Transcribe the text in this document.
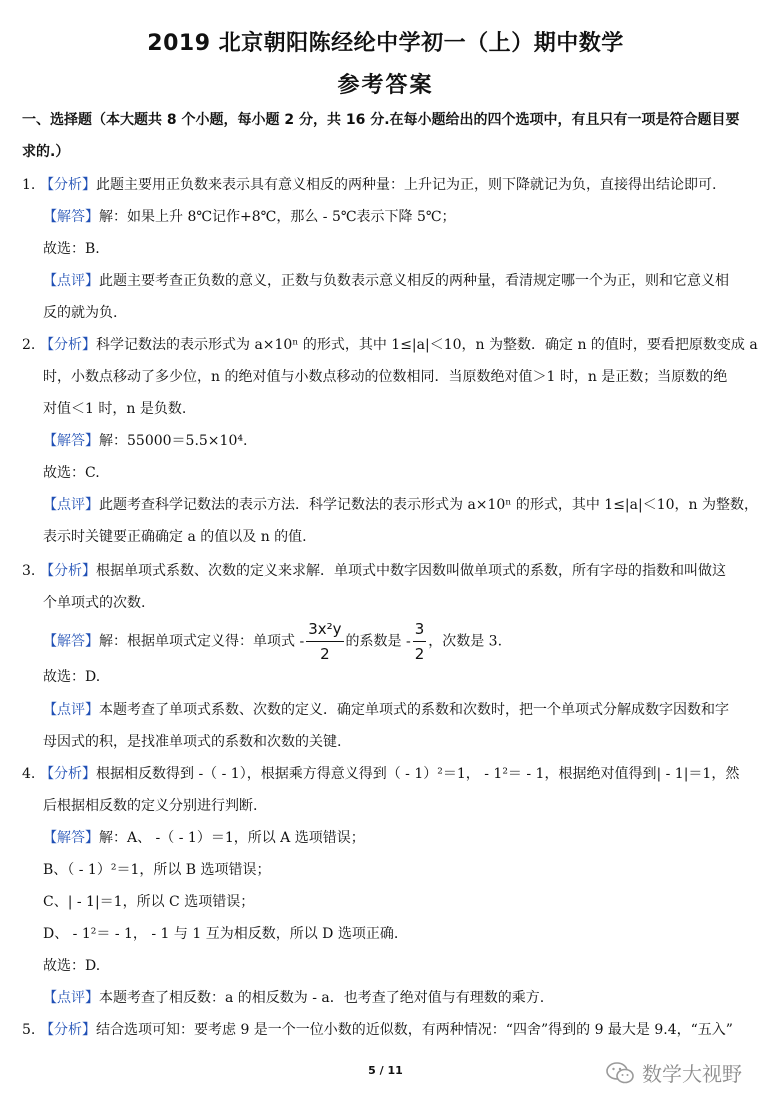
2019 北京朝阳陈经纶中学初一（上）期中数学
参考答案
一、选择题（本大题共 8 个小题，每小题 2 分，共 16 分.在每小题给出的四个选项中，有且只有一项是符合题目要
求的.）
1. 【分析】此题主要用正负数来表示具有意义相反的两种量：上升记为正，则下降就记为负，直接得出结论即可.
【解答】解：如果上升 8℃记作+8℃，那么 - 5℃表示下降 5℃；
故选：B.
【点评】此题主要考查正负数的意义，正数与负数表示意义相反的两种量，看清规定哪一个为正，则和它意义相
反的就为负.
2. 【分析】科学记数法的表示形式为 a×10ⁿ 的形式，其中 1≤|a|＜10，n 为整数．确定 n 的值时，要看把原数变成 a
时，小数点移动了多少位，n 的绝对值与小数点移动的位数相同．当原数绝对值＞1 时，n 是正数；当原数的绝
对值＜1 时，n 是负数.
【解答】解：55000＝5.5×10⁴.
故选：C.
【点评】此题考查科学记数法的表示方法．科学记数法的表示形式为 a×10ⁿ 的形式，其中 1≤|a|＜10，n 为整数，
表示时关键要正确确定 a 的值以及 n 的值.
3. 【分析】根据单项式系数、次数的定义来求解．单项式中数字因数叫做单项式的系数，所有字母的指数和叫做这
个单项式的次数.
【解答】解：根据单项式定义得：单项式 - $\frac{\text{3x²y}}{2}$ 的系数是 - $\frac{3}{2}$ ，次数是 3.
故选：D.
【点评】本题考查了单项式系数、次数的定义．确定单项式的系数和次数时，把一个单项式分解成数字因数和字
母因式的积，是找准单项式的系数和次数的关键.
4. 【分析】根据相反数得到 -（ - 1），根据乘方得意义得到（ - 1）²＝1， - 1²＝ - 1，根据绝对值得到| - 1|＝1，然
后根据相反数的定义分别进行判断.
【解答】解：A、 -（ - 1）＝1，所以 A 选项错误；
B、（ - 1）²＝1，所以 B 选项错误；
C、| - 1|＝1，所以 C 选项错误；
D、 - 1²＝ - 1， - 1 与 1 互为相反数，所以 D 选项正确.
故选：D.
【点评】本题考查了相反数：a 的相反数为 - a．也考查了绝对值与有理数的乘方.
5. 【分析】结合选项可知：要考虑 9 是一个一位小数的近似数，有两种情况：“四舍”得到的 9 最大是 9.4，“五入”
5 / 11	数学大视野
